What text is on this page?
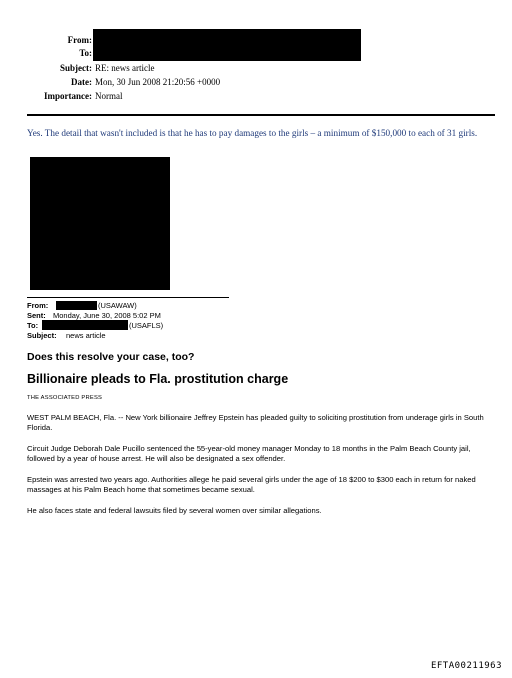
From:
To:
Subject: RE: news article
Date: Mon, 30 Jun 2008 21:20:56 +0000
Importance: Normal
Yes. The detail that wasn't included is that he has to pay damages to the girls – a minimum of $150,000 to each of 31 girls.
From:	(USAWAW)
Sent: Monday, June 30, 2008 5:02 PM
To:	(USAFLS)
Subject: news article
Does this resolve your case, too?
Billionaire pleads to Fla. prostitution charge
THE ASSOCIATED PRESS
WEST PALM BEACH, Fla. -- New York billionaire Jeffrey Epstein has pleaded guilty to soliciting prostitution from underage girls in South Florida.
Circuit Judge Deborah Dale Pucillo sentenced the 55-year-old money manager Monday to 18 months in the Palm Beach County jail, followed by a year of house arrest. He will also be designated a sex offender.
Epstein was arrested two years ago. Authorities allege he paid several girls under the age of 18 $200 to $300 each in return for naked massages at his Palm Beach home that sometimes became sexual.
He also faces state and federal lawsuits filed by several women over similar allegations.
EFTA00211963
